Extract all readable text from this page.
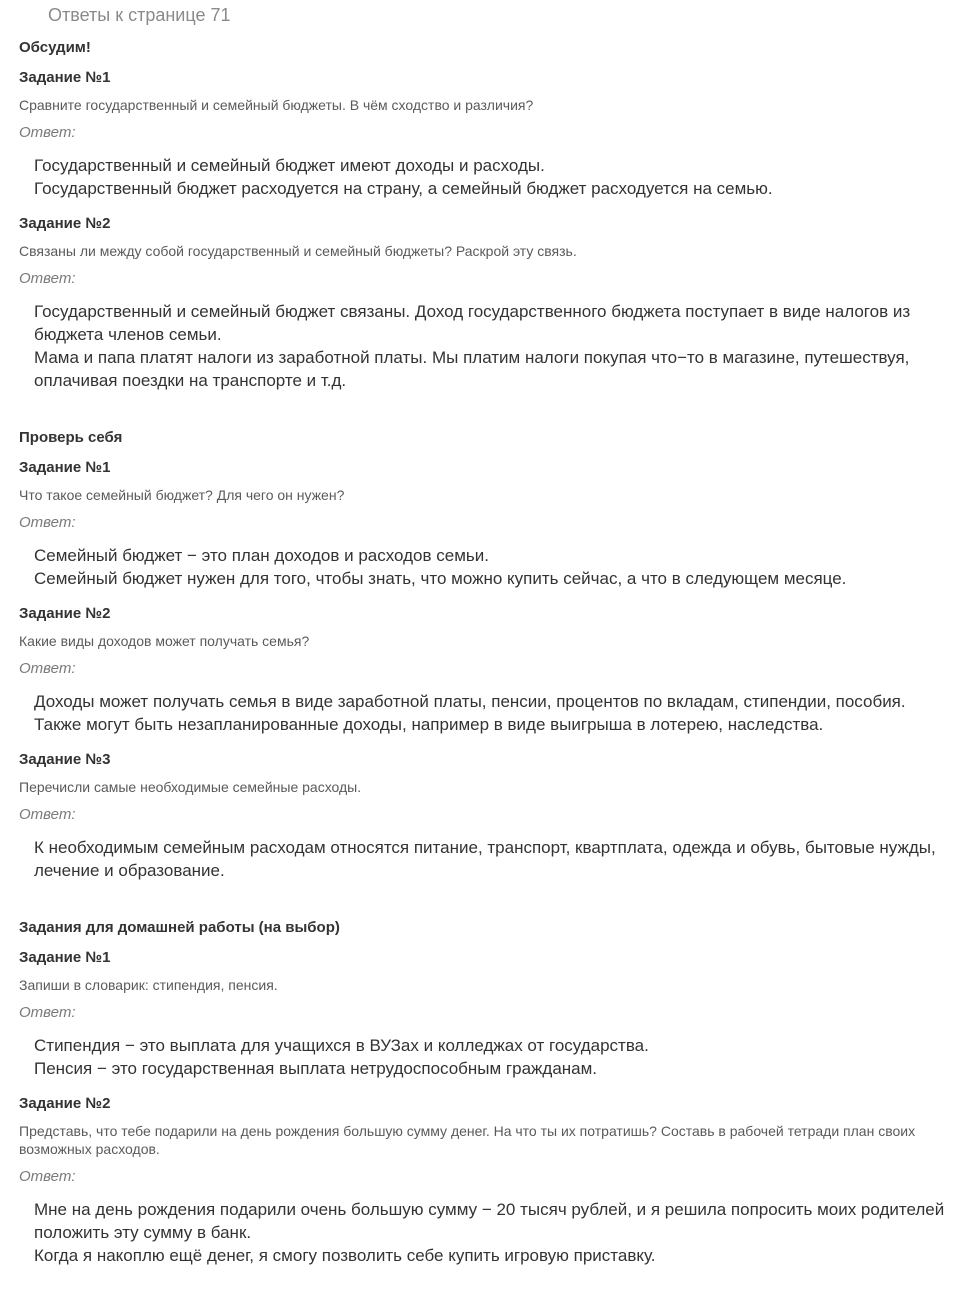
Ответы к странице 71
Обсудим!
Задание №1
Сравните государственный и семейный бюджеты. В чём сходство и различия?
Ответ:
Государственный и семейный бюджет имеют доходы и расходы.
Государственный бюджет расходуется на страну, а семейный бюджет расходуется на семью.
Задание №2
Связаны ли между собой государственный и семейный бюджеты? Раскрой эту связь.
Ответ:
Государственный и семейный бюджет связаны. Доход государственного бюджета поступает в виде налогов из бюджета членов семьи.
Мама и папа платят налоги из заработной платы. Мы платим налоги покупая что−то в магазине, путешествуя, оплачивая поездки на транспорте и т.д.
Проверь себя
Задание №1
Что такое семейный бюджет? Для чего он нужен?
Ответ:
Семейный бюджет − это план доходов и расходов семьи.
Семейный бюджет нужен для того, чтобы знать, что можно купить сейчас, а что в следующем месяце.
Задание №2
Какие виды доходов может получать семья?
Ответ:
Доходы может получать семья в виде заработной платы, пенсии, процентов по вкладам, стипендии, пособия.
Также могут быть незапланированные доходы, например в виде выигрыша в лотерею, наследства.
Задание №3
Перечисли самые необходимые семейные расходы.
Ответ:
К необходимым семейным расходам относятся питание, транспорт, квартплата, одежда и обувь, бытовые нужды, лечение и образование.
Задания для домашней работы (на выбор)
Задание №1
Запиши в словарик: стипендия, пенсия.
Ответ:
Стипендия − это выплата для учащихся в ВУЗах и колледжах от государства.
Пенсия − это государственная выплата нетрудоспособным гражданам.
Задание №2
Представь, что тебе подарили на день рождения большую сумму денег. На что ты их потратишь? Составь в рабочей тетради план своих возможных расходов.
Ответ:
Мне на день рождения подарили очень большую сумму − 20 тысяч рублей, и я решила попросить моих родителей положить эту сумму в банк.
Когда я накоплю ещё денег, я смогу позволить себе купить игровую приставку.
